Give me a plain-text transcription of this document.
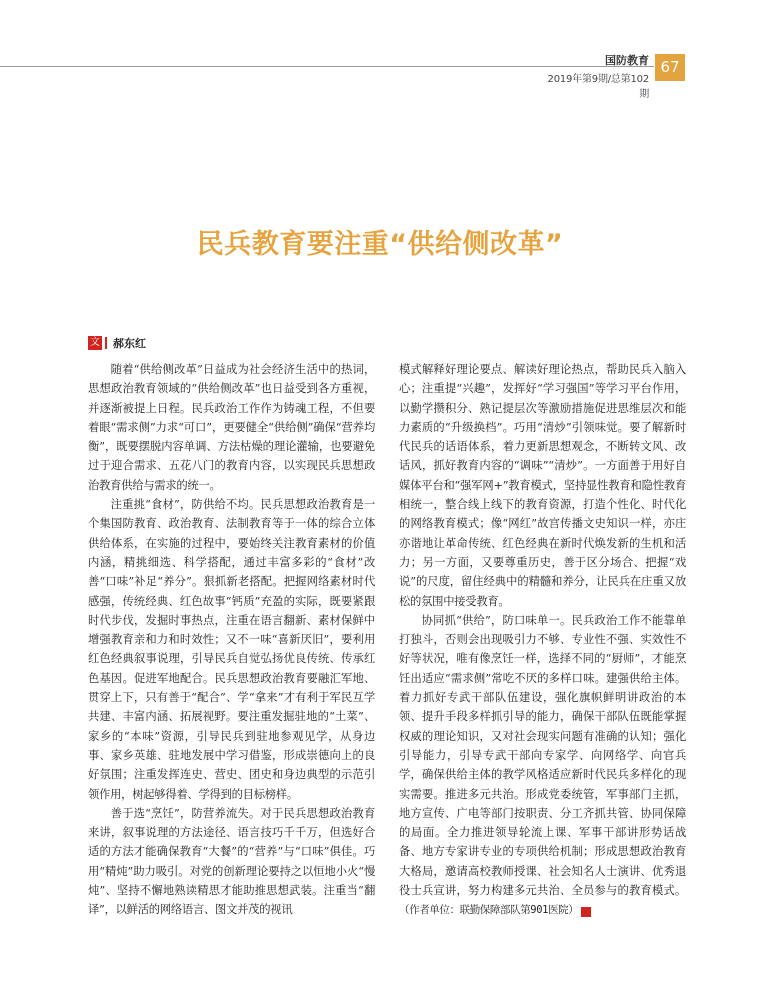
国防教育
2019年第9期/总第102期
67
民兵教育要注重“供给侧改革”
文 郝东红

随着“供给侧改革”日益成为社会经济生活中的热词，思想政治教育领域的“供给侧改革”也日益受到各方重视，并逐渐被提上日程。民兵政治工作作为铸魂工程，不但要着眼“需求侧”力求“可口”，更要健全“供给侧”确保“营养均衡”，既要摆脱内容单调、方法枯燥的理论灌输，也要避免过于迎合需求、五花八门的教育内容，以实现民兵思想政治教育供给与需求的统一。

注重挑“食材”，防供给不均。民兵思想政治教育是一个集国防教育、政治教育、法制教育等于一体的综合立体供给体系，在实施的过程中，要始终关注教育素材的价值内涵，精挑细选、科学搭配，通过丰富多彩的“食材”改善“口味”补足“养分”。狠抓新老搭配。把握网络素材时代感强，传统经典、红色故事“钙质”充盈的实际，既要紧跟时代步伐，发掘时事热点，注重在语言翻新、素材保鲜中增强教育亲和力和时效性；又不一味“喜新厌旧”，要利用红色经典叙事说理，引导民兵自觉弘扬优良传统、传承红色基因。促进军地配合。民兵思想政治教育要融汇军地、贯穿上下，只有善于“配合”、学“拿来”才有利于军民互学共建、丰富内涵、拓展视野。要注重发掘驻地的“土菜”、家乡的“本味”资源，引导民兵到驻地参观见学，从身边事、家乡英雄、驻地发展中学习借鉴，形成崇德向上的良好氛围；注重发挥连史、营史、团史和身边典型的示范引领作用，树起够得着、学得到的目标榜样。

善于选“烹饪”，防营养流失。对于民兵思想政治教育来讲，叙事说理的方法途径、语言技巧千千万，但选好合适的方法才能确保教育“大餐”的“营养”与“口味”俱佳。巧用“精炖”助力吸引。对党的创新理论要持之以恒地小火“慢炖”、坚持不懈地熟读精思才能助推思想武装。注重当“翻译”，以鲜活的网络语言、图文并茂的视讯

模式解释好理论要点、解读好理论热点，帮助民兵入脑入心；注重提“兴趣”，发挥好“学习强国”等学习平台作用，以勤学攒积分、熟记提层次等激励措施促进思维层次和能力素质的“升级换档”。巧用“清炒”引领味觉。要了解新时代民兵的话语体系，着力更新思想观念，不断转文风、改话风，抓好教育内容的“调味”“清炒”。一方面善于用好自媒体平台和“强军网+”教育模式，坚持显性教育和隐性教育相统一，整合线上线下的教育资源，打造个性化、时代化的网络教育模式；像“网红”故宫传播文史知识一样，亦庄亦谐地让革命传统、红色经典在新时代焕发新的生机和活力；另一方面，又要尊重历史，善于区分场合、把握“戏说”的尺度，留住经典中的精髓和养分，让民兵在庄重又放松的氛围中接受教育。

协同抓“供给”，防口味单一。民兵政治工作不能靠单打独斗，否则会出现吸引力不够、专业性不强、实效性不好等状况，唯有像烹饪一样，选择不同的“厨师”，才能烹饪出适应“需求侧”常吃不厌的多样口味。建强供给主体。着力抓好专武干部队伍建设，强化旗帜鲜明讲政治的本领、提升手段多样抓引导的能力，确保干部队伍既能掌握权威的理论知识，又对社会现实问题有准确的认知；强化引导能力，引导专武干部向专家学、向网络学、向官兵学，确保供给主体的教学风格适应新时代民兵多样化的现实需要。推进多元共治。形成党委统管，军事部门主抓，地方宣传、广电等部门按职责、分工齐抓共管、协同保障的局面。全力推进领导轮流上课、军事干部讲形势话战备、地方专家讲专业的专项供给机制；形成思想政治教育大格局，邀请高校教师授课、社会知名人士演讲、优秀退役士兵宣讲，努力构建多元共治、全员参与的教育模式。（作者单位：联勤保障部队第901医院）	G
